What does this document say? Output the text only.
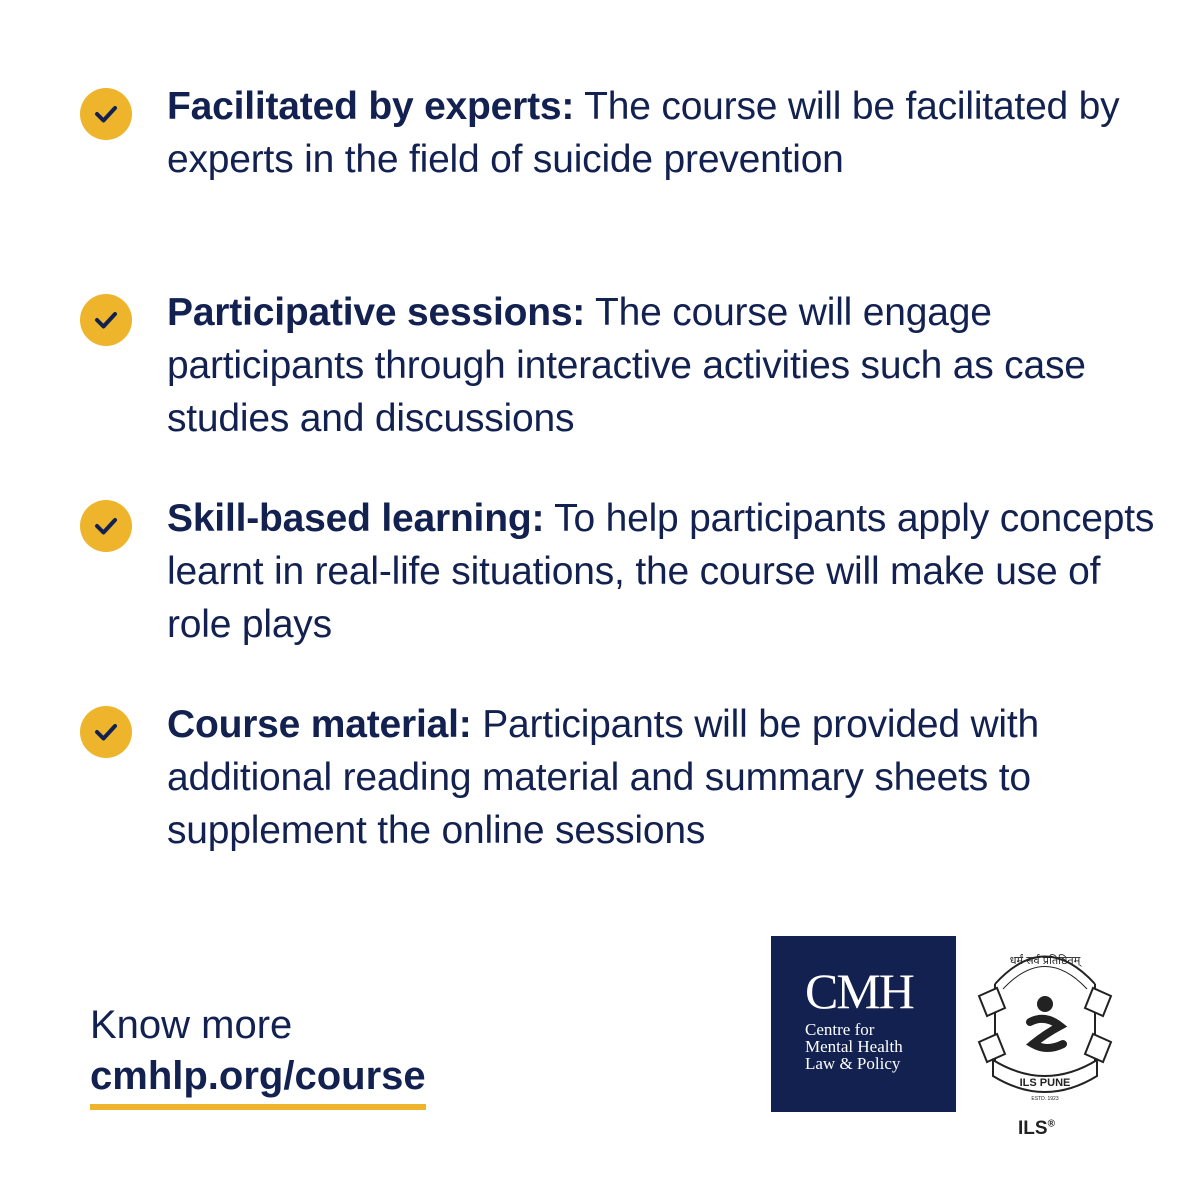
Facilitated by experts: The course will be facilitated by experts in the field of suicide prevention

Participative sessions: The course will engage participants through interactive activities such as case studies and discussions

Skill-based learning: To help participants apply concepts learnt in real-life situations, the course will make use of role plays

Course material: Participants will be provided with additional reading material and summary sheets to supplement the online sessions

Know more
cmhlp.org/course
CMH
Centre for
Mental Health
Law & Policy
धर्मं सर्वं प्रतिष्ठितम्
ILS PUNE
ESTD. 1923
ILS®
